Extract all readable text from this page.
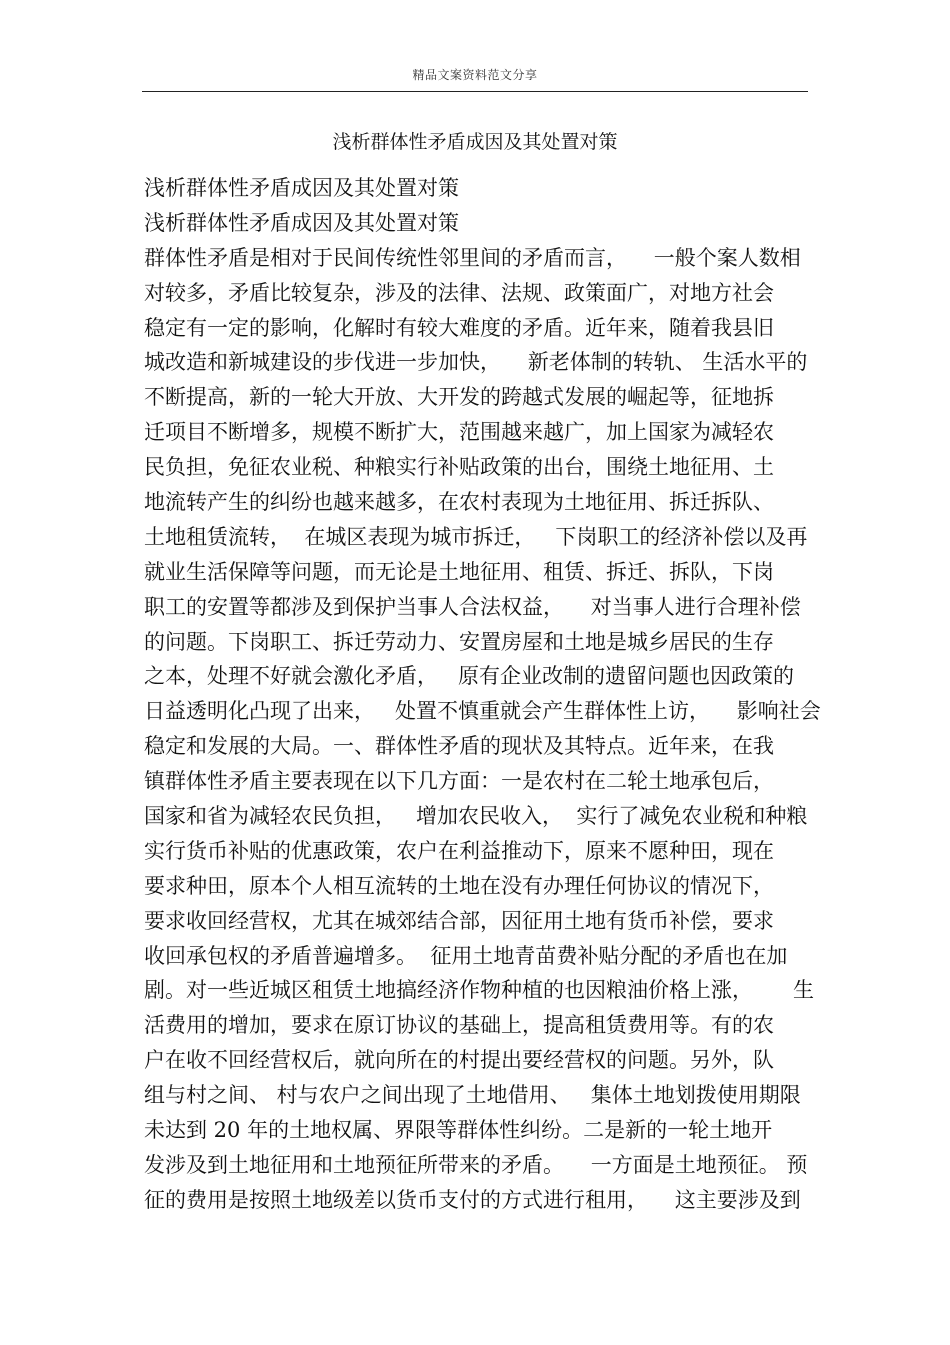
精品文案资料范文分享
浅析群体性矛盾成因及其处置对策
浅析群体性矛盾成因及其处置对策
浅析群体性矛盾成因及其处置对策
群体性矛盾是相对于民间传统性邻里间的矛盾而言，    一般个案人数相
对较多，矛盾比较复杂，涉及的法律、法规、政策面广，对地方社会
稳定有一定的影响，化解时有较大难度的矛盾。近年来，随着我县旧
城改造和新城建设的步伐进一步加快，    新老体制的转轨、 生活水平的
不断提高，新的一轮大开放、大开发的跨越式发展的崛起等，征地拆
迁项目不断增多，规模不断扩大，范围越来越广，加上国家为减轻农
民负担，免征农业税、种粮实行补贴政策的出台，围绕土地征用、土
地流转产生的纠纷也越来越多，在农村表现为土地征用、拆迁拆队、
土地租赁流转，  在城区表现为城市拆迁，   下岗职工的经济补偿以及再
就业生活保障等问题，而无论是土地征用、租赁、拆迁、拆队，下岗
职工的安置等都涉及到保护当事人合法权益，    对当事人进行合理补偿
的问题。下岗职工、拆迁劳动力、安置房屋和土地是城乡居民的生存
之本，处理不好就会激化矛盾，   原有企业改制的遗留问题也因政策的
日益透明化凸现了出来，   处置不慎重就会产生群体性上访，    影响社会
稳定和发展的大局。一、群体性矛盾的现状及其特点。近年来，在我
镇群体性矛盾主要表现在以下几方面：一是农村在二轮土地承包后，
国家和省为减轻农民负担，   增加农民收入，  实行了减免农业税和种粮
实行货币补贴的优惠政策，农户在利益推动下，原来不愿种田，现在
要求种田，原本个人相互流转的土地在没有办理任何协议的情况下，
要求收回经营权，尤其在城郊结合部，因征用土地有货币补偿，要求
收回承包权的矛盾普遍增多。  征用土地青苗费补贴分配的矛盾也在加
剧。对一些近城区租赁土地搞经济作物种植的也因粮油价格上涨，      生
活费用的增加，要求在原订协议的基础上，提高租赁费用等。有的农
户在收不回经营权后，就向所在的村提出要经营权的问题。另外，队
组与村之间、 村与农户之间出现了土地借用、   集体土地划拨使用期限
未达到 20 年的土地权属、界限等群体性纠纷。二是新的一轮土地开
发涉及到土地征用和土地预征所带来的矛盾。    一方面是土地预征。 预
征的费用是按照土地级差以货币支付的方式进行租用，    这主要涉及到
